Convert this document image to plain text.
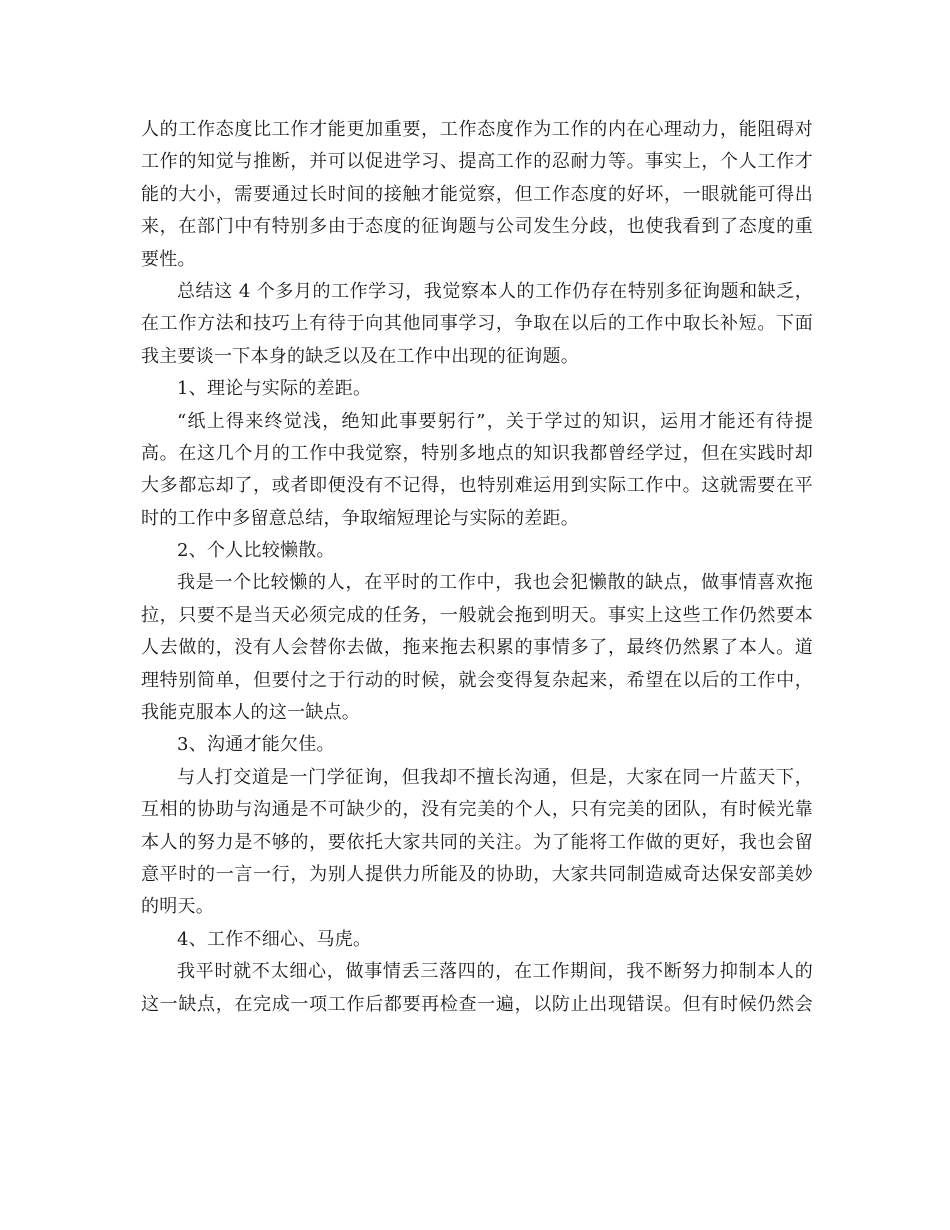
人的工作态度比工作才能更加重要，工作态度作为工作的内在心理动力，能阻碍对
工作的知觉与推断，并可以促进学习、提高工作的忍耐力等。事实上，个人工作才
能的大小，需要通过长时间的接触才能觉察，但工作态度的好坏，一眼就能可得出
来，在部门中有特别多由于态度的征询题与公司发生分歧，也使我看到了态度的重
要性。
总结这 4 个多月的工作学习，我觉察本人的工作仍存在特别多征询题和缺乏，
在工作方法和技巧上有待于向其他同事学习，争取在以后的工作中取长补短。下面
我主要谈一下本身的缺乏以及在工作中出现的征询题。
1、理论与实际的差距。
“纸上得来终觉浅，绝知此事要躬行”，关于学过的知识，运用才能还有待提
高。在这几个月的工作中我觉察，特别多地点的知识我都曾经学过，但在实践时却
大多都忘却了，或者即便没有不记得，也特别难运用到实际工作中。这就需要在平
时的工作中多留意总结，争取缩短理论与实际的差距。
2、个人比较懒散。
我是一个比较懒的人，在平时的工作中，我也会犯懒散的缺点，做事情喜欢拖
拉，只要不是当天必须完成的任务，一般就会拖到明天。事实上这些工作仍然要本
人去做的，没有人会替你去做，拖来拖去积累的事情多了，最终仍然累了本人。道
理特别简单，但要付之于行动的时候，就会变得复杂起来，希望在以后的工作中，
我能克服本人的这一缺点。
3、沟通才能欠佳。
与人打交道是一门学征询，但我却不擅长沟通，但是，大家在同一片蓝天下，
互相的协助与沟通是不可缺少的，没有完美的个人，只有完美的团队，有时候光靠
本人的努力是不够的，要依托大家共同的关注。为了能将工作做的更好，我也会留
意平时的一言一行，为别人提供力所能及的协助，大家共同制造威奇达保安部美妙
的明天。
4、工作不细心、马虎。
我平时就不太细心，做事情丢三落四的，在工作期间，我不断努力抑制本人的
这一缺点，在完成一项工作后都要再检查一遍，以防止出现错误。但有时候仍然会
